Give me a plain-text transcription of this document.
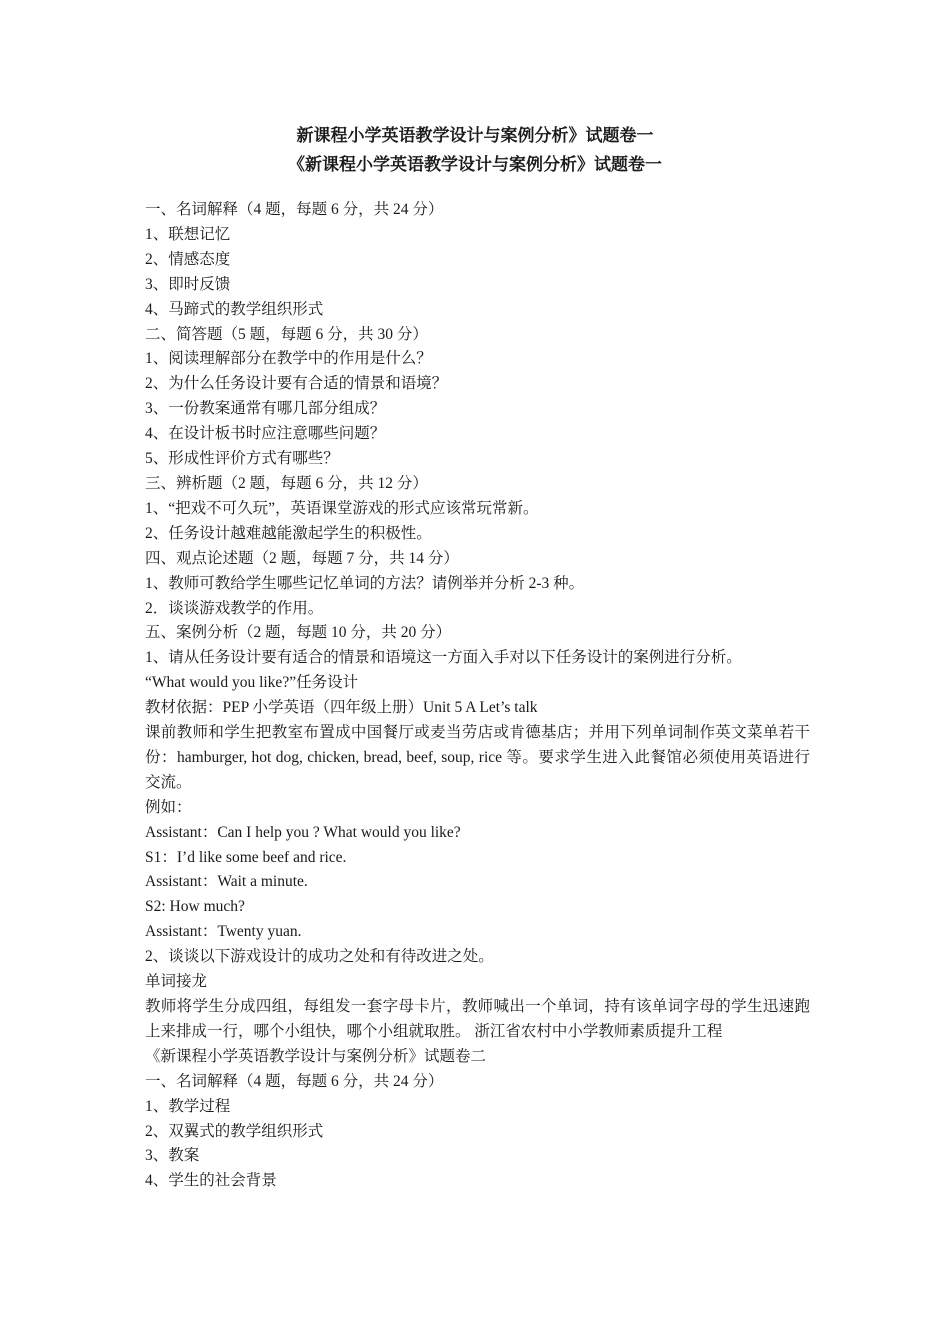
新课程小学英语教学设计与案例分析》试题卷一

《新课程小学英语教学设计与案例分析》试题卷一

一、名词解释（4 题，每题 6 分，共 24 分）

1、联想记忆

2、情感态度

3、即时反馈

4、马蹄式的教学组织形式

二、简答题（5 题，每题 6 分，共 30 分）

1、阅读理解部分在教学中的作用是什么？

2、为什么任务设计要有合适的情景和语境？

3、一份教案通常有哪几部分组成？

4、在设计板书时应注意哪些问题？

5、形成性评价方式有哪些？

三、辨析题（2 题，每题 6 分，共 12 分）

1、“把戏不可久玩”，英语课堂游戏的形式应该常玩常新。

2、任务设计越难越能激起学生的积极性。

四、观点论述题（2 题，每题 7 分，共 14 分）

1、教师可教给学生哪些记忆单词的方法？请例举并分析 2-3 种。

2．谈谈游戏教学的作用。

五、案例分析（2 题，每题 10 分，共 20 分）

1、请从任务设计要有适合的情景和语境这一方面入手对以下任务设计的案例进行分析。

“What would you like?”任务设计

教材依据：PEP 小学英语（四年级上册）Unit 5 A Let’s talk

课前教师和学生把教室布置成中国餐厅或麦当劳店或肯德基店；并用下列单词制作英文菜单若干份：hamburger, hot dog, chicken, bread, beef, soup, rice 等。要求学生进入此餐馆必须使用英语进行交流。

例如：

Assistant：Can I help you ? What would you like?

S1：I’d like some beef and rice.

Assistant：Wait a minute.

S2: How much?

Assistant：Twenty yuan.

2、谈谈以下游戏设计的成功之处和有待改进之处。

单词接龙

教师将学生分成四组，每组发一套字母卡片，教师喊出一个单词，持有该单词字母的学生迅速跑上来排成一行，哪个小组快，哪个小组就取胜。 浙江省农村中小学教师素质提升工程

《新课程小学英语教学设计与案例分析》试题卷二

一、名词解释（4 题，每题 6 分，共 24 分）

1、教学过程

2、双翼式的教学组织形式

3、教案

4、学生的社会背景
